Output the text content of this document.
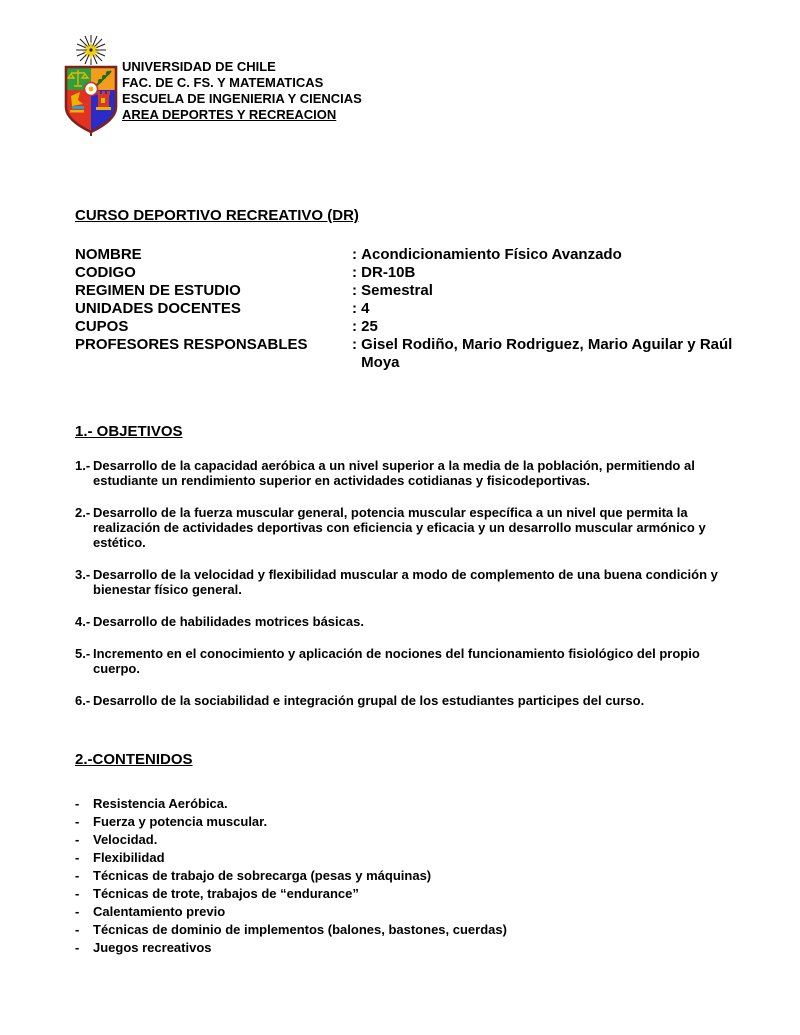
UNIVERSIDAD DE CHILE
FAC. DE C. FS. Y MATEMATICAS
ESCUELA DE INGENIERIA Y CIENCIAS
AREA DEPORTES Y RECREACION
CURSO DEPORTIVO RECREATIVO (DR)
NOMBRE	: Acondicionamiento Físico Avanzado
CODIGO	: DR-10B
REGIMEN DE ESTUDIO	: Semestral
UNIDADES DOCENTES	: 4
CUPOS	: 25
PROFESORES RESPONSABLES	: Gisel Rodiño, Mario Rodriguez, Mario Aguilar y Raúl Moya
1.- OBJETIVOS
1.- Desarrollo de la capacidad aeróbica a un nivel superior a la media de la población, permitiendo al estudiante un rendimiento superior en actividades cotidianas y fisicodeportivas.
2.- Desarrollo de la fuerza muscular general, potencia muscular específica a un nivel que permita la realización de actividades deportivas con eficiencia y eficacia y un desarrollo muscular armónico y estético.
3.- Desarrollo de la velocidad y flexibilidad muscular a modo de complemento de una buena condición y bienestar físico general.
4.- Desarrollo de habilidades motrices básicas.
5.- Incremento en el conocimiento y aplicación de nociones del funcionamiento fisiológico del propio cuerpo.
6.- Desarrollo de la sociabilidad e integración grupal de los estudiantes participes del curso.
2.-CONTENIDOS
-	Resistencia Aeróbica.
-	Fuerza y potencia muscular.
-	Velocidad.
-	Flexibilidad
-	Técnicas de trabajo de sobrecarga (pesas y máquinas)
-	Técnicas de trote, trabajos de “endurance”
-	Calentamiento previo
-	Técnicas de dominio de implementos (balones, bastones, cuerdas)
-	Juegos recreativos
